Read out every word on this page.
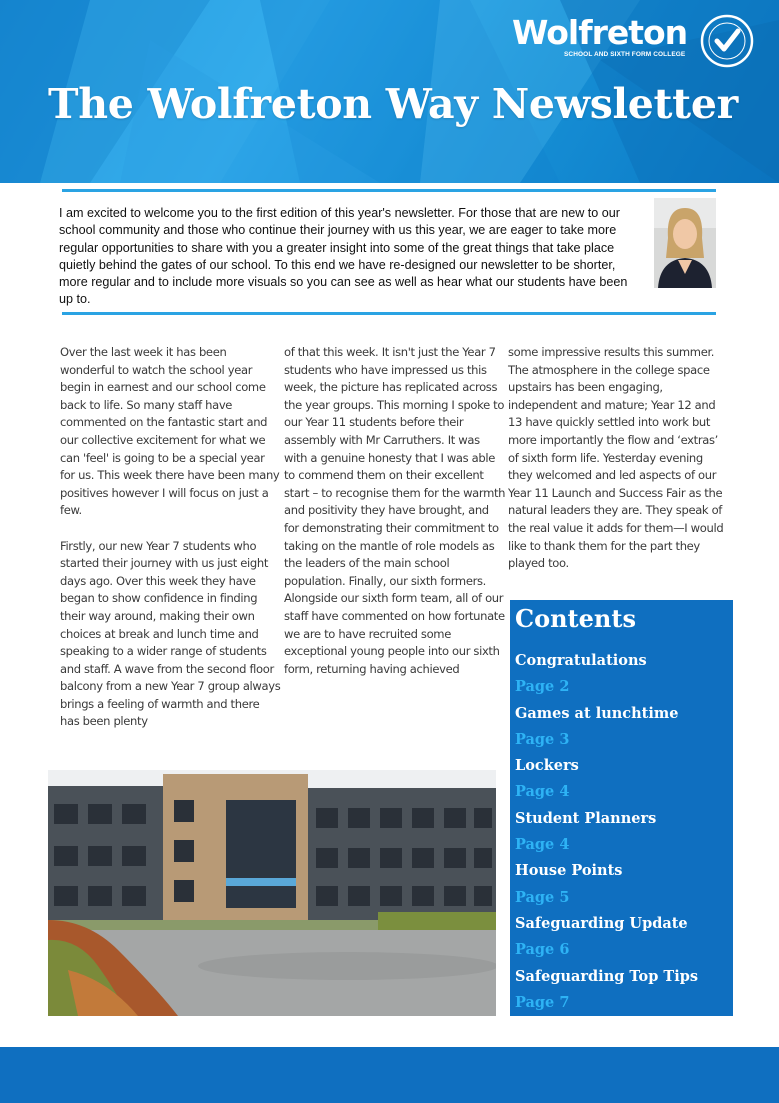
Wolfreton
SCHOOL AND SIXTH FORM COLLEGE
The Wolfreton Way Newsletter
I am excited to welcome you to the first edition of this year's newsletter. For those that are new to our school community and those who continue their journey with us this year, we are eager to take more regular opportunities to share with you a greater insight into some of the great things that take place quietly behind the gates of our school. To this end we have re-designed our newsletter to be shorter, more regular and to include more visuals so you can see as well as hear what our students have been up to.

Over the last week it has been wonderful to watch the school year begin in earnest and our school come back to life. So many staff have commented on the fantastic start and our collective excitement for what we can 'feel' is going to be a special year for us. This week there have been many positives however I will focus on just a few.

Firstly, our new Year 7 students who started their journey with us just eight days ago. Over this week they have began to show confidence in finding their way around, making their own choices at break and lunch time and speaking to a wider range of students and staff. A wave from the second floor balcony from a new Year 7 group always brings a feeling of warmth and there has been plenty

of that this week. It isn't just the Year 7 students who have impressed us this week, the picture has replicated across the year groups. This morning I spoke to our Year 11 students before their assembly with Mr Carruthers. It was with a genuine honesty that I was able to commend them on their excellent start – to recognise them for the warmth and positivity they have brought, and for demonstrating their commitment to taking on the mantle of role models as the leaders of the main school population. Finally, our sixth formers. Alongside our sixth form team, all of our staff have commented on how fortunate we are to have recruited some exceptional young people into our sixth form, returning having achieved

some impressive results this summer. The atmosphere in the college space upstairs has been engaging, independent and mature; Year 12 and 13 have quickly settled into work but more importantly the flow and ‘extras’ of sixth form life. Yesterday evening they welcomed and led aspects of our Year 11 Launch and Success Fair as the natural leaders they are. They speak of the real value it adds for them—I would like to thank them for the part they played too.

Contents
Congratulations
Page 2
Games at lunchtime
Page 3
Lockers
Page 4
Student Planners
Page 4
House Points
Page 5
Safeguarding Update
Page 6
Safeguarding Top Tips
Page 7
